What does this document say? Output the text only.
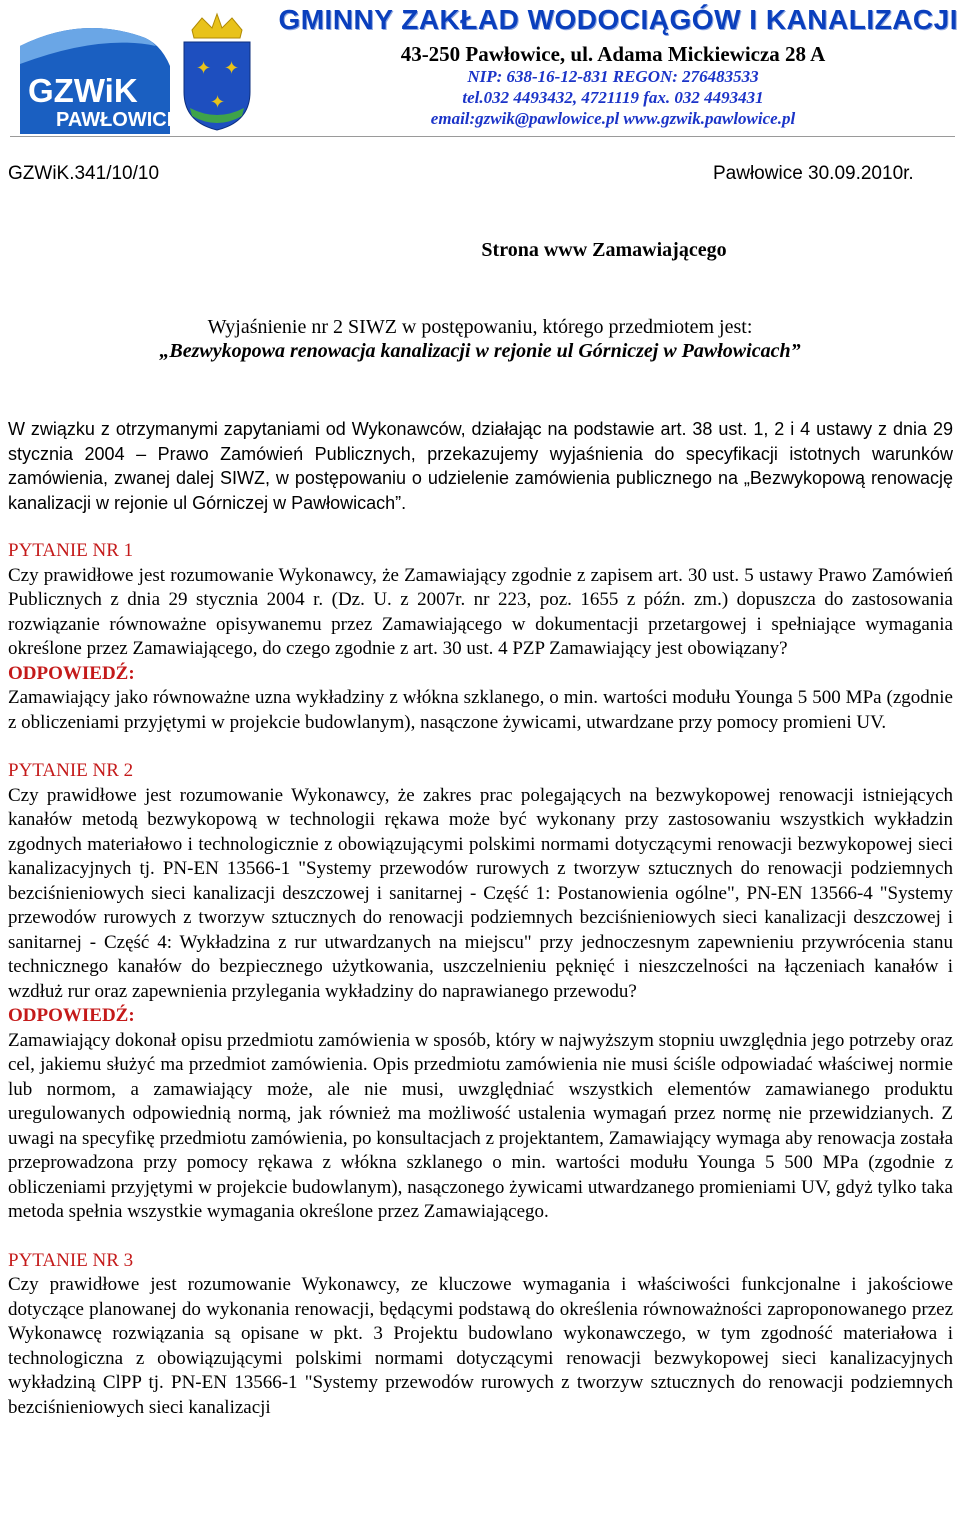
✦ ✦
✦
GZWiK
PAWŁOWICE
GMINNY ZAKŁAD WODOCIĄGÓW I KANALIZACJI
43-250 Pawłowice, ul. Adama Mickiewicza 28 A
NIP: 638-16-12-831 REGON: 276483533
tel.032 4493432, 4721119 fax. 032 4493431
email:gzwik@pawlowice.pl www.gzwik.pawlowice.pl
GZWiK.341/10/10	Pawłowice 30.09.2010r.
Strona www Zamawiającego
Wyjaśnienie nr 2 SIWZ w postępowaniu, którego przedmiotem jest:
„Bezwykopowa renowacja kanalizacji w rejonie ul Górniczej w Pawłowicach”

W związku z otrzymanymi zapytaniami od Wykonawców, działając na podstawie art. 38 ust. 1, 2 i 4 ustawy z dnia 29 stycznia 2004 – Prawo Zamówień Publicznych, przekazujemy wyjaśnienia do specyfikacji istotnych warunków zamówienia, zwanej dalej SIWZ, w postępowaniu o udzielenie zamówienia publicznego na „Bezwykopową renowację kanalizacji w rejonie ul Górniczej w Pawłowicach”.

PYTANIE NR 1

Czy prawidłowe jest rozumowanie Wykonawcy, że Zamawiający zgodnie z zapisem art. 30 ust. 5 ustawy Prawo Zamówień Publicznych z dnia 29 stycznia 2004 r. (Dz. U. z 2007r. nr 223, poz. 1655 z późn. zm.) dopuszcza do zastosowania rozwiązanie równoważne opisywanemu przez Zamawiającego w dokumentacji przetargowej i spełniające wymagania określone przez Zamawiającego, do czego zgodnie z art. 30 ust. 4 PZP Zamawiający jest obowiązany?

ODPOWIEDŹ:

Zamawiający jako równoważne uzna wykładziny z włókna szklanego, o min. wartości modułu Younga 5 500 MPa (zgodnie z obliczeniami przyjętymi w projekcie budowlanym), nasączone żywicami, utwardzane przy pomocy promieni UV.

PYTANIE NR 2

Czy prawidłowe jest rozumowanie Wykonawcy, że zakres prac polegających na bezwykopowej renowacji istniejących kanałów metodą bezwykopową w technologii rękawa może być wykonany przy zastosowaniu wszystkich wykładzin zgodnych materiałowo i technologicznie z obowiązującymi polskimi normami dotyczącymi renowacji bezwykopowej sieci kanalizacyjnych tj. PN-EN 13566-1 "Systemy przewodów rurowych z tworzyw sztucznych do renowacji podziemnych bezciśnieniowych sieci kanalizacji deszczowej i sanitarnej - Część 1: Postanowienia ogólne", PN-EN 13566-4 "Systemy przewodów rurowych z tworzyw sztucznych do renowacji podziemnych bezciśnieniowych sieci kanalizacji deszczowej i sanitarnej - Część 4: Wykładzina z rur utwardzanych na miejscu" przy jednoczesnym zapewnieniu przywrócenia stanu technicznego kanałów do bezpiecznego użytkowania, uszczelnieniu pęknięć i nieszczelności na łączeniach kanałów i wzdłuż rur oraz zapewnienia przylegania wykładziny do naprawianego przewodu?

ODPOWIEDŹ:

Zamawiający dokonał opisu przedmiotu zamówienia w sposób, który w najwyższym stopniu uwzględnia jego potrzeby oraz cel, jakiemu służyć ma przedmiot zamówienia. Opis przedmiotu zamówienia nie musi ściśle odpowiadać właściwej normie lub normom, a zamawiający może, ale nie musi, uwzględniać wszystkich elementów zamawianego produktu uregulowanych odpowiednią normą, jak również ma możliwość ustalenia wymagań przez normę nie przewidzianych. Z uwagi na specyfikę przedmiotu zamówienia, po konsultacjach z projektantem, Zamawiający wymaga aby renowacja została przeprowadzona przy pomocy rękawa z włókna szklanego o min. wartości modułu Younga 5 500 MPa (zgodnie z obliczeniami przyjętymi w projekcie budowlanym), nasączonego żywicami utwardzanego promieniami UV, gdyż tylko taka metoda spełnia wszystkie wymagania określone przez Zamawiającego.

PYTANIE NR 3

Czy prawidłowe jest rozumowanie Wykonawcy, ze kluczowe wymagania i właściwości funkcjonalne i jakościowe dotyczące planowanej do wykonania renowacji, będącymi podstawą do określenia równoważności zaproponowanego przez Wykonawcę rozwiązania są opisane w pkt. 3 Projektu budowlano wykonawczego, w tym zgodność materiałowa i technologiczna z obowiązującymi polskimi normami dotyczącymi renowacji bezwykopowej sieci kanalizacyjnych wykładziną ClPP tj. PN-EN 13566-1 "Systemy przewodów rurowych z tworzyw sztucznych do renowacji podziemnych bezciśnieniowych sieci kanalizacji
